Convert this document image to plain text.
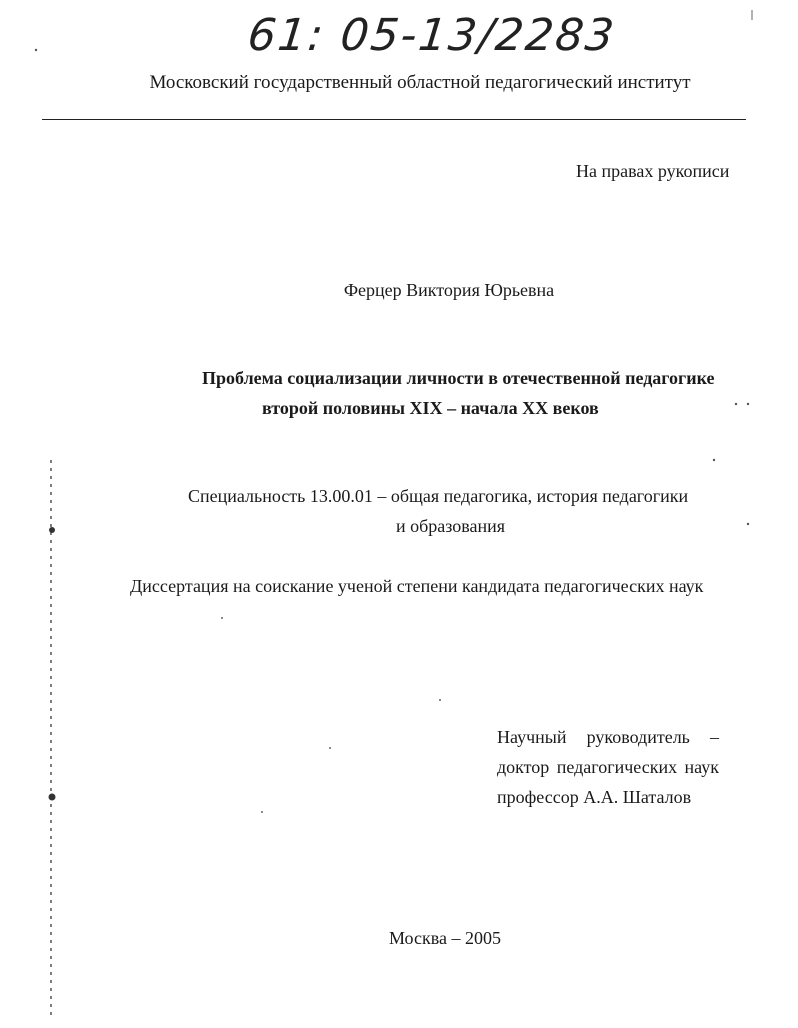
61: 05-13/2283
Московский государственный областной педагогический институт
На правах рукописи
Ферцер Виктория Юрьевна
Проблема социализации личности в отечественной педагогике
второй половины XIX – начала XX веков
Специальность 13.00.01 – общая педагогика, история педагогики
и образования
Диссертация на соискание ученой степени кандидата педагогических наук
Научный руководитель –
доктор педагогических наук
профессор А.А. Шаталов
Москва – 2005
